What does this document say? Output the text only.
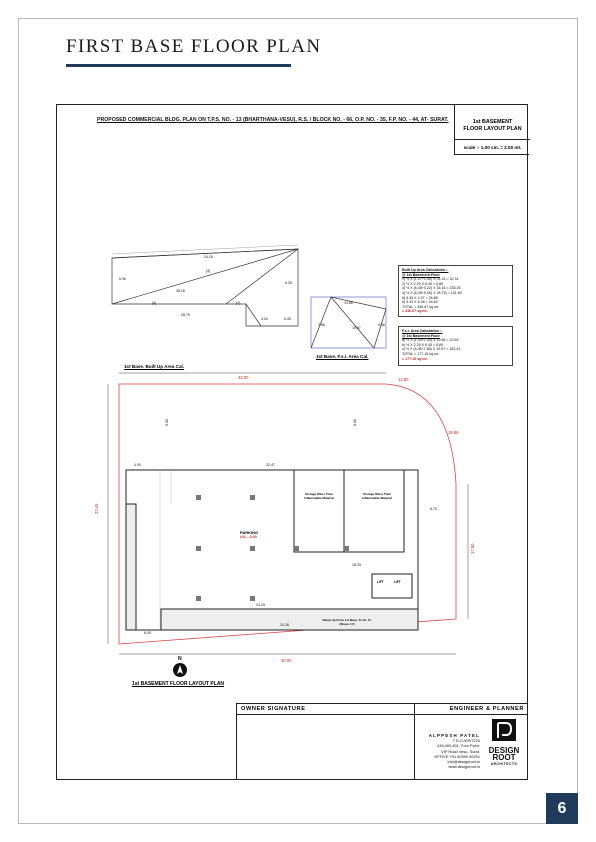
FIRST BASE FLOOR PLAN
PROPOSED COMMERCIAL BLDG. PLAN ON T.P.S. NO. - 13 (BHARTHANA-VESU), R.S. / BLOCK NO. - 66, O.P. NO. - 35, F.P. NO. - 44, AT- SURAT.	1st BASEMENT
FLOOR LAYOUT PLAN
scale :- 1.00 cm. = 2.00 mt.
24.18
35.18
28.75
6.36
6.35
4.04	6.45
(3)
(2)
(4)	19.85
7.86
19.57
6.36
32.00
40.00
22.45
12.80
19.86
17.50
32.47
4.00
18.25
6.70
24.25
24.36
9.00	6.00
6.00
Built Up Area Calculation :-
@ 1st Basement Floor
1) ½ X (1.27+1.40) X 24.18 = 32.31
2) ½ X 2.29 X 6.45 = 5.85
3) ½ X (6.36+4.22) X 35.18 = 235.25
4) ½ X (6.35+9.05) X 28.75) = 101.84
5) 6.36 X 4.97 = 26.88
6) 5.43 X 6.36 = 34.60
TOTAL = 436.67 sq.mt.
= 436.67 sq.mt.
F.s.i. Area Calculation :-
@ 1st Basement Floor
a) ½ X (1.04+1.35) X 19.85 = 23.69
b) ½ X 2.29 X 6.45 = 6.69
c) ½ X (6.36+7.86) X 19.57 = 153.41
TOTAL = 177.15 sq.mt.
= 177.15 sq.mt.
1st Base. Built Up Area Cal.
1st Base. F.s.i. Area Cal.
PARKING
LVL. -3.00
Storage Other Than
Inflammable Material
Storage Other Than
Inflammable Material
Ramp Up From 1st Base. To Gr. Fl.
(Slope 1:7)
LIFT	LIFT
N
1st BASEMENT FLOOR LAYOUT PLAN
OWNER SIGNATURE	ENGINEER & PLANNER
ALPPESH PATEL
T.D.O./ER/7220
445,400,401, Four Point,
VIP Road Vesu, Surat.
OFFICE +91 80990 90291
info@designroot.in
www.designroot.in
DESIGN
ROOT
ARCHITECTS
6
